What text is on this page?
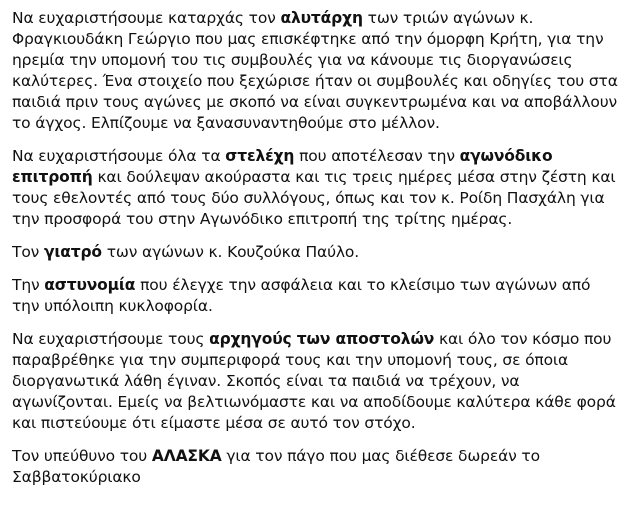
Να ευχαριστήσουμε καταρχάς τον αλυτάρχη των τριών αγώνων κ. Φραγκιουδάκη Γεώργιο που μας επισκέφτηκε από την όμορφη Κρήτη, για την ηρεμία την υπομονή του τις συμβουλές για να κάνουμε τις διοργανώσεις καλύτερες. Ένα στοιχείο που ξεχώρισε ήταν οι συμβουλές και οδηγίες του στα παιδιά πριν τους αγώνες με σκοπό να είναι συγκεντρωμένα και να αποβάλλουν το άγχος. Ελπίζουμε να ξανασυναντηθούμε στο μέλλον.

Να ευχαριστήσουμε όλα τα στελέχη που αποτέλεσαν την αγωνόδικο επιτροπή και δούλεψαν ακούραστα και τις τρεις ημέρες μέσα στην ζέστη και τους εθελοντές από τους δύο συλλόγους, όπως και τον κ. Ροίδη Πασχάλη για την προσφορά του στην Αγωνόδικο επιτροπή της τρίτης ημέρας.

Τον γιατρό των αγώνων κ. Κουζούκα Παύλο.

Την αστυνομία που έλεγχε την ασφάλεια και το κλείσιμο των αγώνων από την υπόλοιπη κυκλοφορία.

Να ευχαριστήσουμε τους αρχηγούς των αποστολών και όλο τον κόσμο που παραβρέθηκε για την συμπεριφορά τους και την υπομονή τους, σε όποια διοργανωτικά λάθη έγιναν. Σκοπός είναι τα παιδιά να τρέχουν, να αγωνίζονται. Εμείς να βελτιωνόμαστε και να αποδίδουμε καλύτερα κάθε φορά και πιστεύουμε ότι είμαστε μέσα σε αυτό τον στόχο.

Τον υπεύθυνο του ΑΛΑΣΚΑ για τον πάγο που μας διέθεσε δωρεάν το Σαββατοκύριακο
